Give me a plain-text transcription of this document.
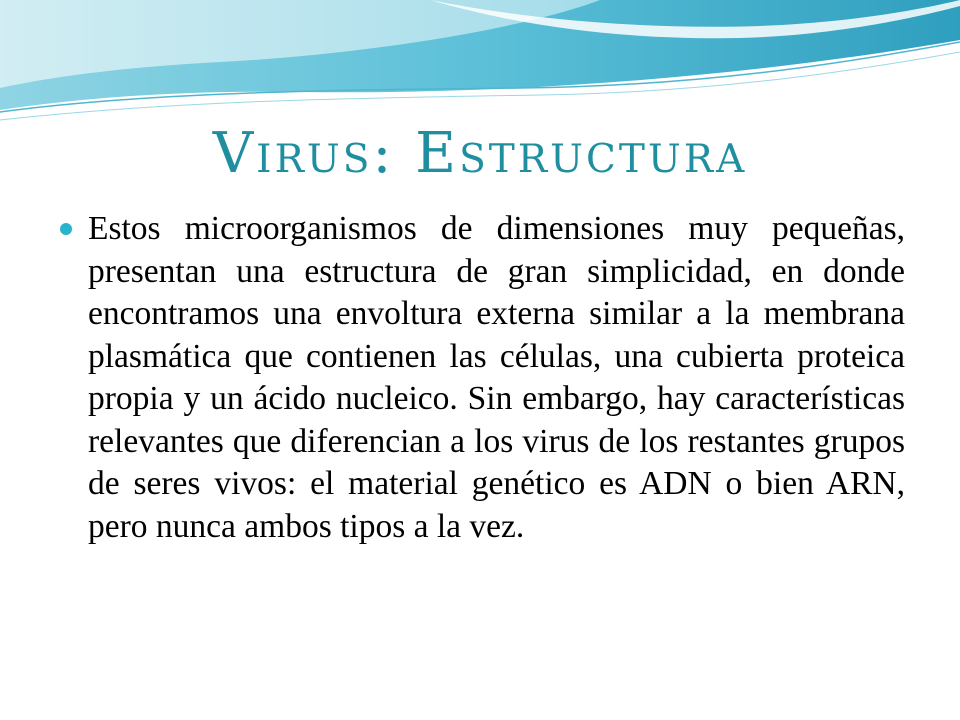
Virus: Estructura

Estos microorganismos de dimensiones muy pequeñas, presentan una estructura de gran simplicidad, en donde encontramos una envoltura externa similar a la membrana plasmática que contienen las células, una cubierta proteica propia y un ácido nucleico. Sin embargo, hay características relevantes que diferencian a los virus de los restantes grupos de seres vivos: el material genético es ADN o bien ARN, pero nunca ambos tipos a la vez.
